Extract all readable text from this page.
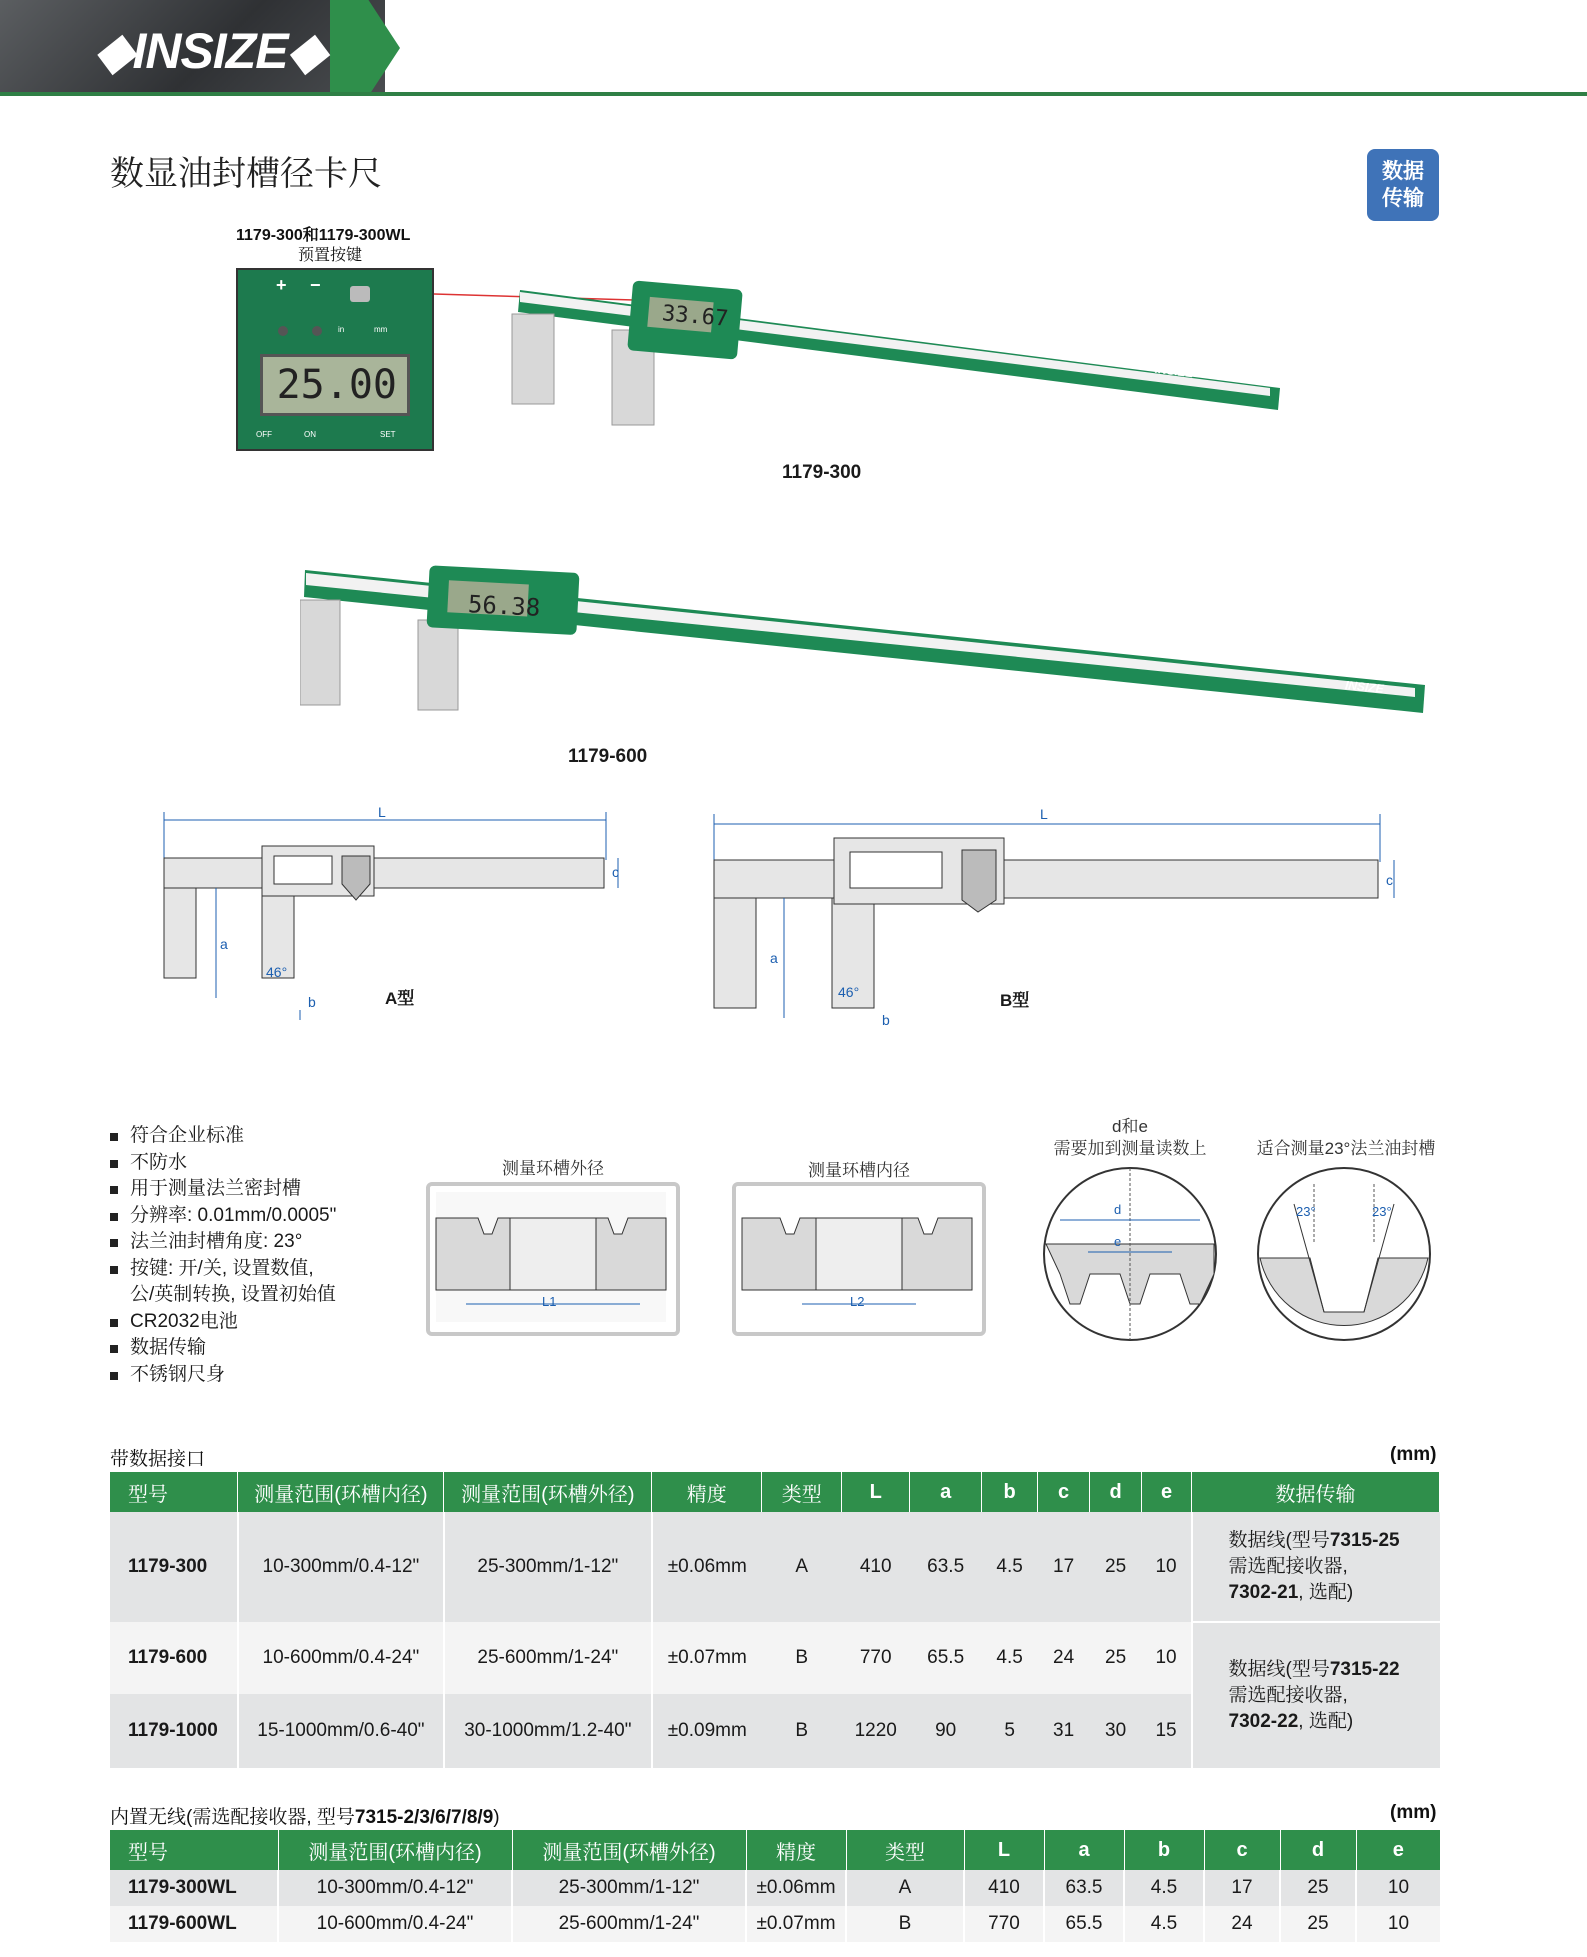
◆INSIZE◆
数显油封槽径卡尺	数据
传输
1179-300和1179-300WL
预置按键
+ −
in	mm
25.00
OFF	ON	SET
33.67
INSIZE
1179-300
56.38
INSIZE
1179-600
L
a
46°
b
c
A型
L
a
46°
b
c
B型
符合企业标准
不防水
用于测量法兰密封槽
分辨率: 0.01mm/0.0005"
法兰油封槽角度: 23°
按键: 开/关, 设置数值,
公/英制转换, 设置初始值
CR2032电池
数据传输
不锈钢尺身
测量环槽外径
L1
测量环槽内径
L2
d和e
需要加到测量读数上
d
e
适合测量23°法兰油封槽
23°	23°
带数据接口	(mm)
型号	测量范围(环槽内径)	测量范围(环槽外径)	精度	类型	L	a	b	c	d	e	数据传输
1179-300	10-300mm/0.4-12"	25-300mm/1-12"	±0.06mm	A	410	63.5	4.5	17	25	10	数据线(型号7315-25
需选配接收器,
7302-21, 选配)

1179-600	10-600mm/0.4-24"	25-600mm/1-24"	±0.07mm	B	770	65.5	4.5	24	25	10	数据线(型号7315-22
需选配接收器,
7302-22, 选配)

1179-1000	15-1000mm/0.6-40"	30-1000mm/1.2-40"	±0.09mm	B	1220	90	5	31	30	15	
内置无线(需选配接收器, 型号7315-2/3/6/7/8/9)	(mm)
型号	测量范围(环槽内径)	测量范围(环槽外径)	精度	类型	L	a	b	c	d	e
1179-300WL	10-300mm/0.4-12"	25-300mm/1-12"	±0.06mm	A	410	63.5	4.5	17	25	10
1179-600WL	10-600mm/0.4-24"	25-600mm/1-24"	±0.07mm	B	770	65.5	4.5	24	25	10
